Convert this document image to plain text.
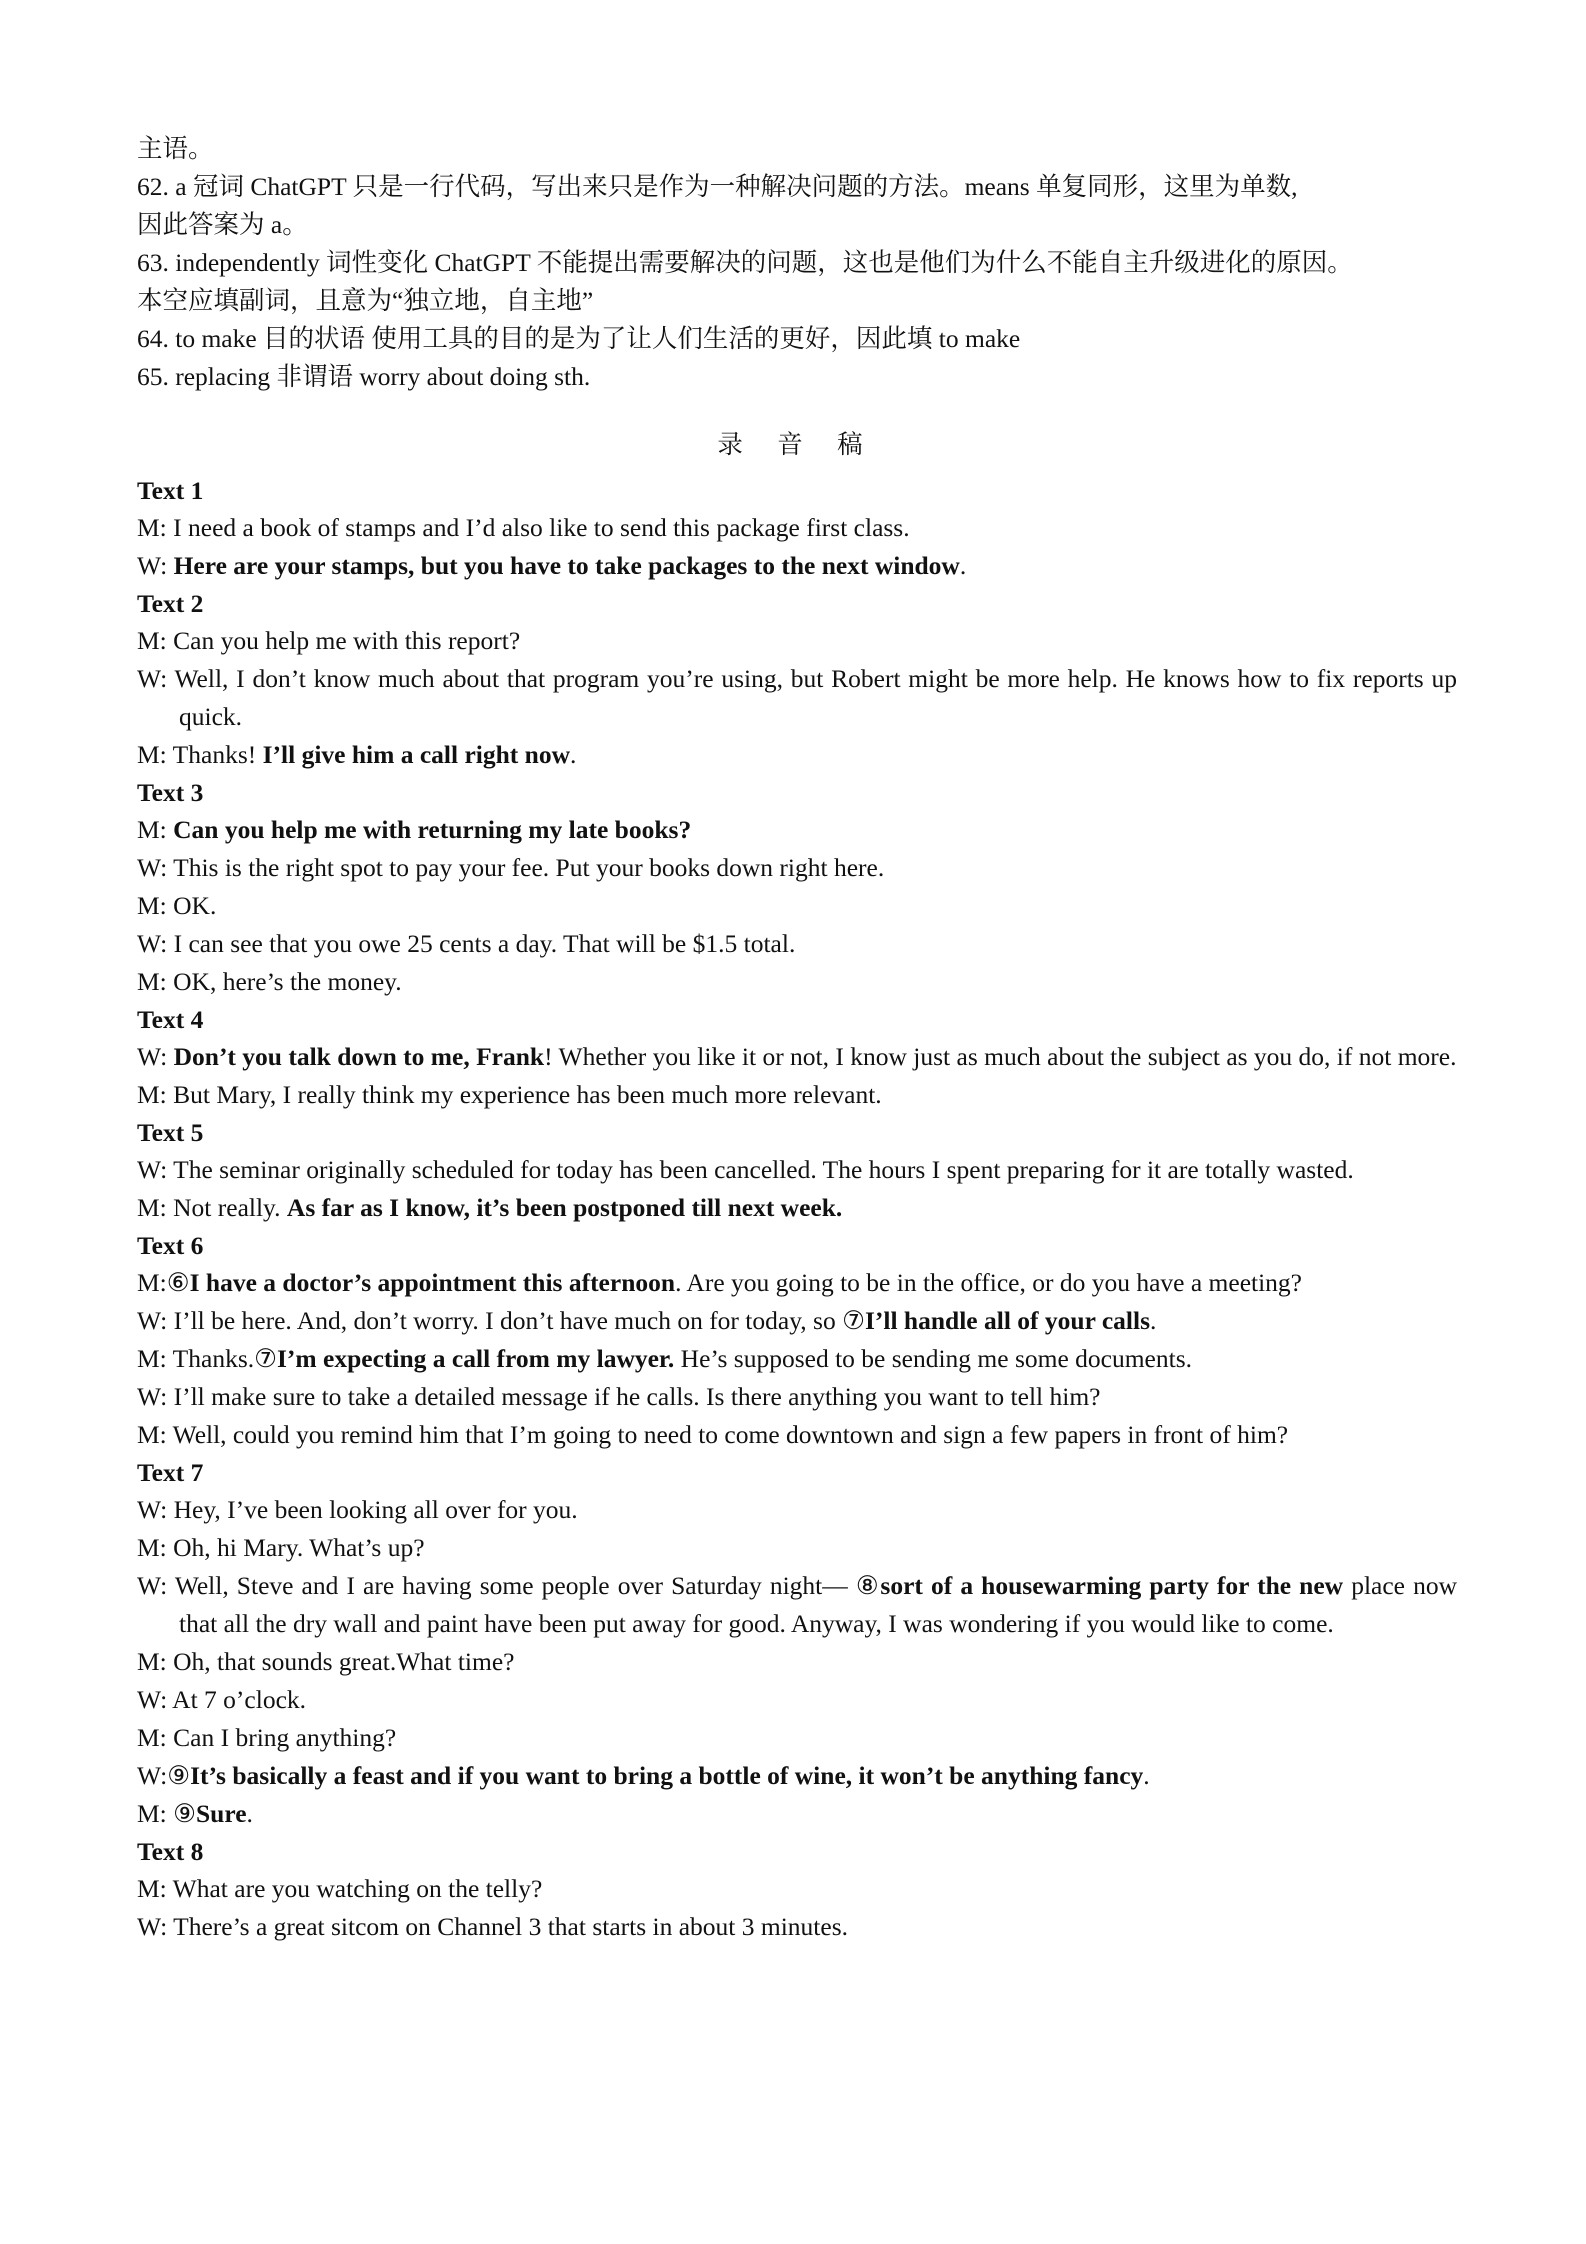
主语。

62. a 冠词 ChatGPT 只是一行代码，写出来只是作为一种解决问题的方法。means 单复同形，这里为单数,

因此答案为 a。

63. independently 词性变化 ChatGPT 不能提出需要解决的问题，这也是他们为什么不能自主升级进化的原因。

本空应填副词，且意为“独立地，自主地”

64. to make 目的状语 使用工具的目的是为了让人们生活的更好，因此填 to make

65. replacing 非谓语 worry about doing sth.

录 音 稿

Text 1

M: I need a book of stamps and I’d also like to send this package first class.

W: Here are your stamps, but you have to take packages to the next window.

Text 2

M: Can you help me with this report?

W: Well, I don’t know much about that program you’re using, but Robert might be more help. He knows how to fix reports up quick.

M: Thanks! I’ll give him a call right now.

Text 3

M: Can you help me with returning my late books?

W: This is the right spot to pay your fee. Put your books down right here.

M: OK.

W: I can see that you owe 25 cents a day. That will be $1.5 total.

M: OK, here’s the money.

Text 4

W: Don’t you talk down to me, Frank! Whether you like it or not, I know just as much about the subject as you do, if not more.

M: But Mary, I really think my experience has been much more relevant.

Text 5

W: The seminar originally scheduled for today has been cancelled. The hours I spent preparing for it are totally wasted.

M: Not really. As far as I know, it’s been postponed till next week.

Text 6

M:⑥I have a doctor’s appointment this afternoon. Are you going to be in the office, or do you have a meeting?

W: I’ll be here. And, don’t worry. I don’t have much on for today, so ⑦I’ll handle all of your calls.

M: Thanks.⑦I’m expecting a call from my lawyer. He’s supposed to be sending me some documents.

W: I’ll make sure to take a detailed message if he calls. Is there anything you want to tell him?

M: Well, could you remind him that I’m going to need to come downtown and sign a few papers in front of him?

Text 7

W: Hey, I’ve been looking all over for you.

M: Oh, hi Mary. What’s up?

W: Well, Steve and I are having some people over Saturday night— ⑧sort of a housewarming party for the new place now that all the dry wall and paint have been put away for good. Anyway, I was wondering if you would like to come.

M: Oh, that sounds great.What time?

W: At 7 o’clock.

M: Can I bring anything?

W:⑨It’s basically a feast and if you want to bring a bottle of wine, it won’t be anything fancy.

M: ⑨Sure.

Text 8

M: What are you watching on the telly?

W: There’s a great sitcom on Channel 3 that starts in about 3 minutes.
